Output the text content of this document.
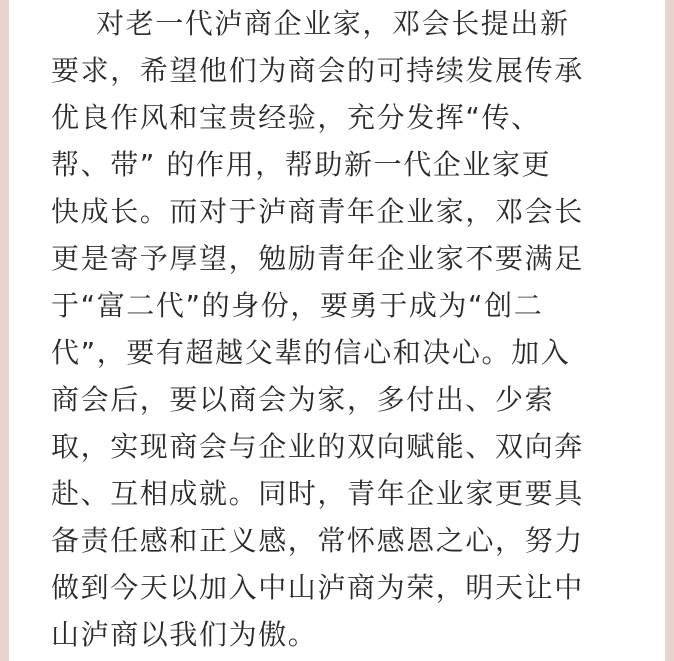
对老一代泸商企业家，邓会长提出新
要求，希望他们为商会的可持续发展传承
优良作风和宝贵经验，充分发挥“传、
帮、带” 的作用，帮助新一代企业家更
快成长。而对于泸商青年企业家，邓会长
更是寄予厚望，勉励青年企业家不要满足
于“富二代”的身份，要勇于成为“创二
代”，要有超越父辈的信心和决心。加入
商会后，要以商会为家，多付出、少索
取，实现商会与企业的双向赋能、双向奔
赴、互相成就。同时，青年企业家更要具
备责任感和正义感，常怀感恩之心，努力
做到今天以加入中山泸商为荣，明天让中
山泸商以我们为傲。
